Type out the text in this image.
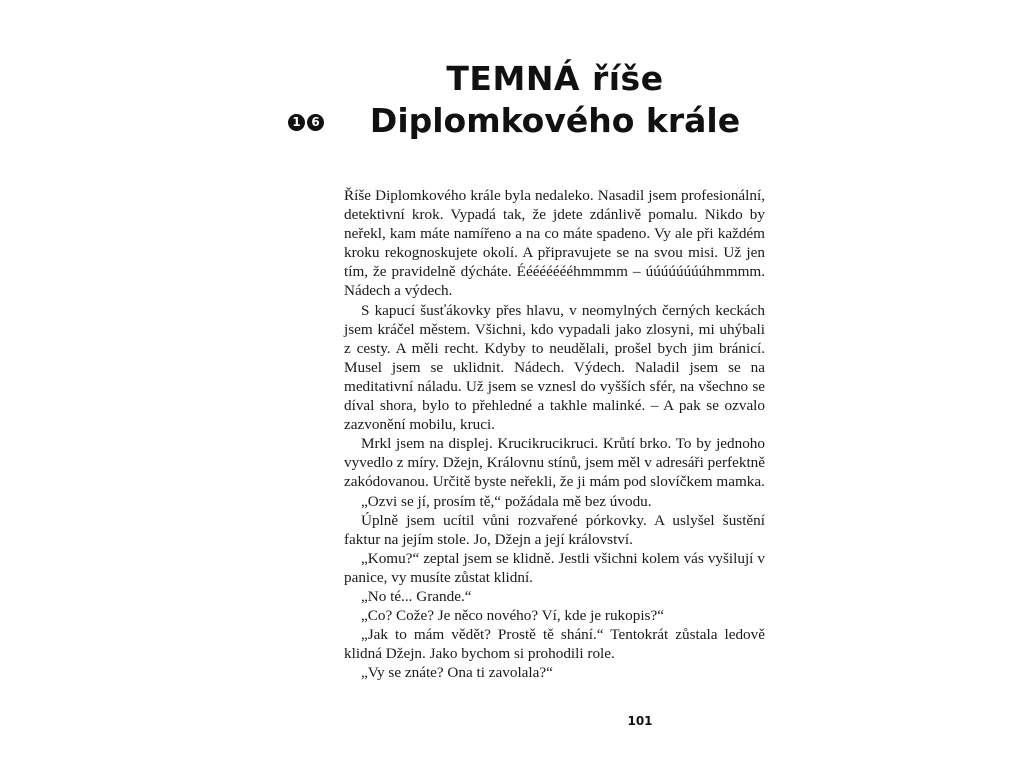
1 6
TEMNÁ říše
Diplomkového krále

Říše Diplomkového krále byla nedaleko. Nasadil jsem profesionální, detektivní krok. Vypadá tak, že jdete zdánlivě pomalu. Nikdo by neřekl, kam máte namířeno a na co máte spadeno. Vy ale při každém kroku rekognoskujete okolí. A připravujete se na svou misi. Už jen tím, že pravidelně dýcháte. Ééééééééhmmmm – úúúúúúúúhmmmm. Nádech a výdech.

S kapucí šusťákovky přes hlavu, v neomylných černých keckách jsem kráčel městem. Všichni, kdo vypadali jako zlosyni, mi uhýbali z cesty. A měli recht. Kdyby to neudělali, prošel bych jim bránicí. Musel jsem se uklidnit. Nádech. Výdech. Naladil jsem se na meditativní náladu. Už jsem se vznesl do vyšších sfér, na všechno se díval shora, bylo to přehledné a takhle malinké. – A pak se ozvalo zazvonění mobilu, kruci.

Mrkl jsem na displej. Krucikrucikruci. Krůtí brko. To by jednoho vyvedlo z míry. Džejn, Královnu stínů, jsem měl v adresáři perfektně zakódovanou. Určitě byste neřekli, že ji mám pod slovíčkem mamka.

„Ozvi se jí, prosím tě,“ požádala mě bez úvodu.

Úplně jsem ucítil vůni rozvařené pórkovky. A uslyšel šustění faktur na jejím stole. Jo, Džejn a její království.

„Komu?“ zeptal jsem se klidně. Jestli všichni kolem vás vyšilují v panice, vy musíte zůstat klidní.

„No té... Grande.“

„Co? Cože? Je něco nového? Ví, kde je rukopis?“

„Jak to mám vědět? Prostě tě shání.“ Tentokrát zůstala ledově klidná Džejn. Jako bychom si prohodili role.

„Vy se znáte? Ona ti zavolala?“

101
